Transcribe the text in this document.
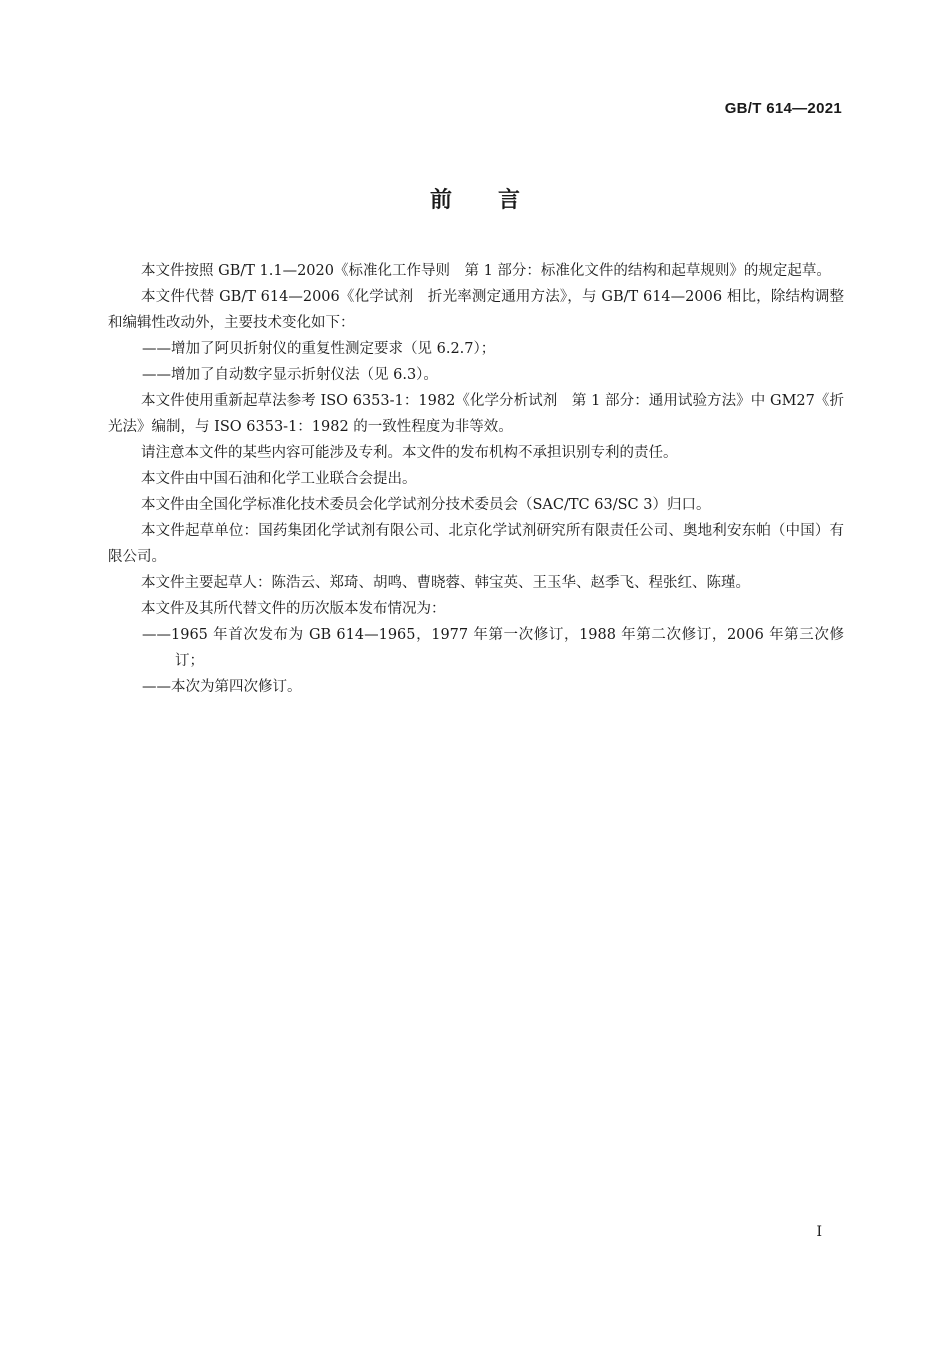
GB/T 614—2021
前言

本文件按照 GB/T 1.1—2020《标准化工作导则　第 1 部分：标准化文件的结构和起草规则》的规定起草。

本文件代替 GB/T 614—2006《化学试剂　折光率测定通用方法》，与 GB/T 614—2006 相比，除结构调整和编辑性改动外，主要技术变化如下：

——增加了阿贝折射仪的重复性测定要求（见 6.2.7）；

——增加了自动数字显示折射仪法（见 6.3）。

本文件使用重新起草法参考 ISO 6353-1：1982《化学分析试剂　第 1 部分：通用试验方法》中 GM27《折光法》编制，与 ISO 6353-1：1982 的一致性程度为非等效。

请注意本文件的某些内容可能涉及专利。本文件的发布机构不承担识别专利的责任。

本文件由中国石油和化学工业联合会提出。

本文件由全国化学标准化技术委员会化学试剂分技术委员会（SAC/TC 63/SC 3）归口。

本文件起草单位：国药集团化学试剂有限公司、北京化学试剂研究所有限责任公司、奥地利安东帕（中国）有限公司。

本文件主要起草人：陈浩云、郑琦、胡鸣、曹晓蓉、韩宝英、王玉华、赵季飞、程张红、陈瑾。

本文件及其所代替文件的历次版本发布情况为：

——1965 年首次发布为 GB 614—1965，1977 年第一次修订，1988 年第二次修订，2006 年第三次修订；

——本次为第四次修订。

I
